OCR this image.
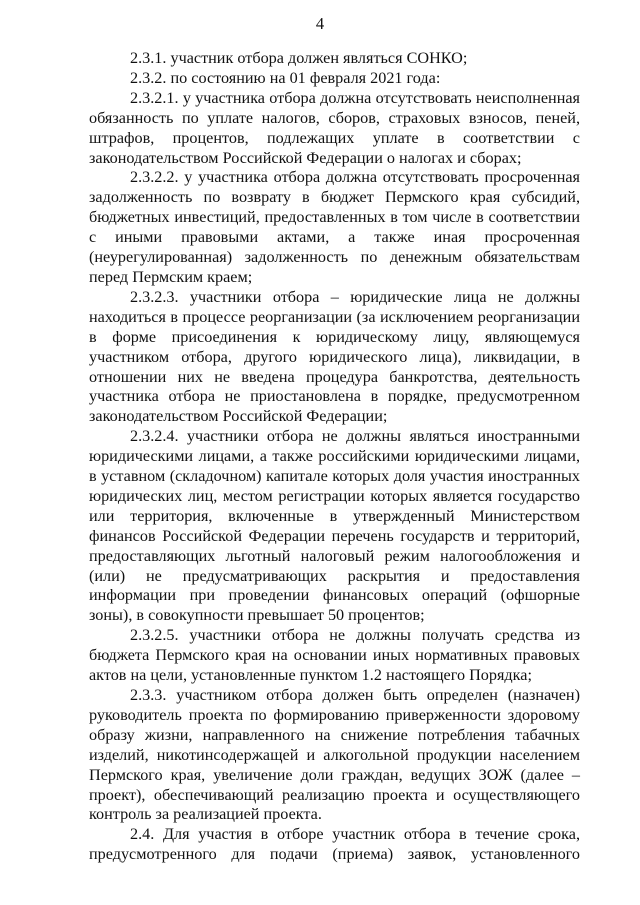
4

2.3.1. участник отбора должен являться СОНКО;

2.3.2. по состоянию на 01 февраля 2021 года:

2.3.2.1. у участника отбора должна отсутствовать неисполненная обязанность по уплате налогов, сборов, страховых взносов, пеней, штрафов, процентов, подлежащих уплате в соответствии с законодательством Российской Федерации о налогах и сборах;

2.3.2.2. у участника отбора должна отсутствовать просроченная задолженность по возврату в бюджет Пермского края субсидий, бюджетных инвестиций, предоставленных в том числе в соответствии с иными правовыми актами, а также иная просроченная (неурегулированная) задолженность по денежным обязательствам перед Пермским краем;

2.3.2.3. участники отбора – юридические лица не должны находиться в процессе реорганизации (за исключением реорганизации в форме присоединения к юридическому лицу, являющемуся участником отбора, другого юридического лица), ликвидации, в отношении них не введена процедура банкротства, деятельность участника отбора не приостановлена в порядке, предусмотренном законодательством Российской Федерации;

2.3.2.4. участники отбора не должны являться иностранными юридическими лицами, а также российскими юридическими лицами, в уставном (складочном) капитале которых доля участия иностранных юридических лиц, местом регистрации которых является государство или территория, включенные в утвержденный Министерством финансов Российской Федерации перечень государств и территорий, предоставляющих льготный налоговый режим налогообложения и (или) не предусматривающих раскрытия и предоставления информации при проведении финансовых операций (офшорные зоны), в совокупности превышает 50 процентов;

2.3.2.5. участники отбора не должны получать средства из бюджета Пермского края на основании иных нормативных правовых актов на цели, установленные пунктом 1.2 настоящего Порядка;

2.3.3. участником отбора должен быть определен (назначен) руководитель проекта по формированию приверженности здоровому образу жизни, направленного на снижение потребления табачных изделий, никотинсодержащей и алкогольной продукции населением Пермского края, увеличение доли граждан, ведущих ЗОЖ (далее – проект), обеспечивающий реализацию проекта и осуществляющего контроль за реализацией проекта.

2.4. Для участия в отборе участник отбора в течение срока, предусмотренного для подачи (приема) заявок, установленного
